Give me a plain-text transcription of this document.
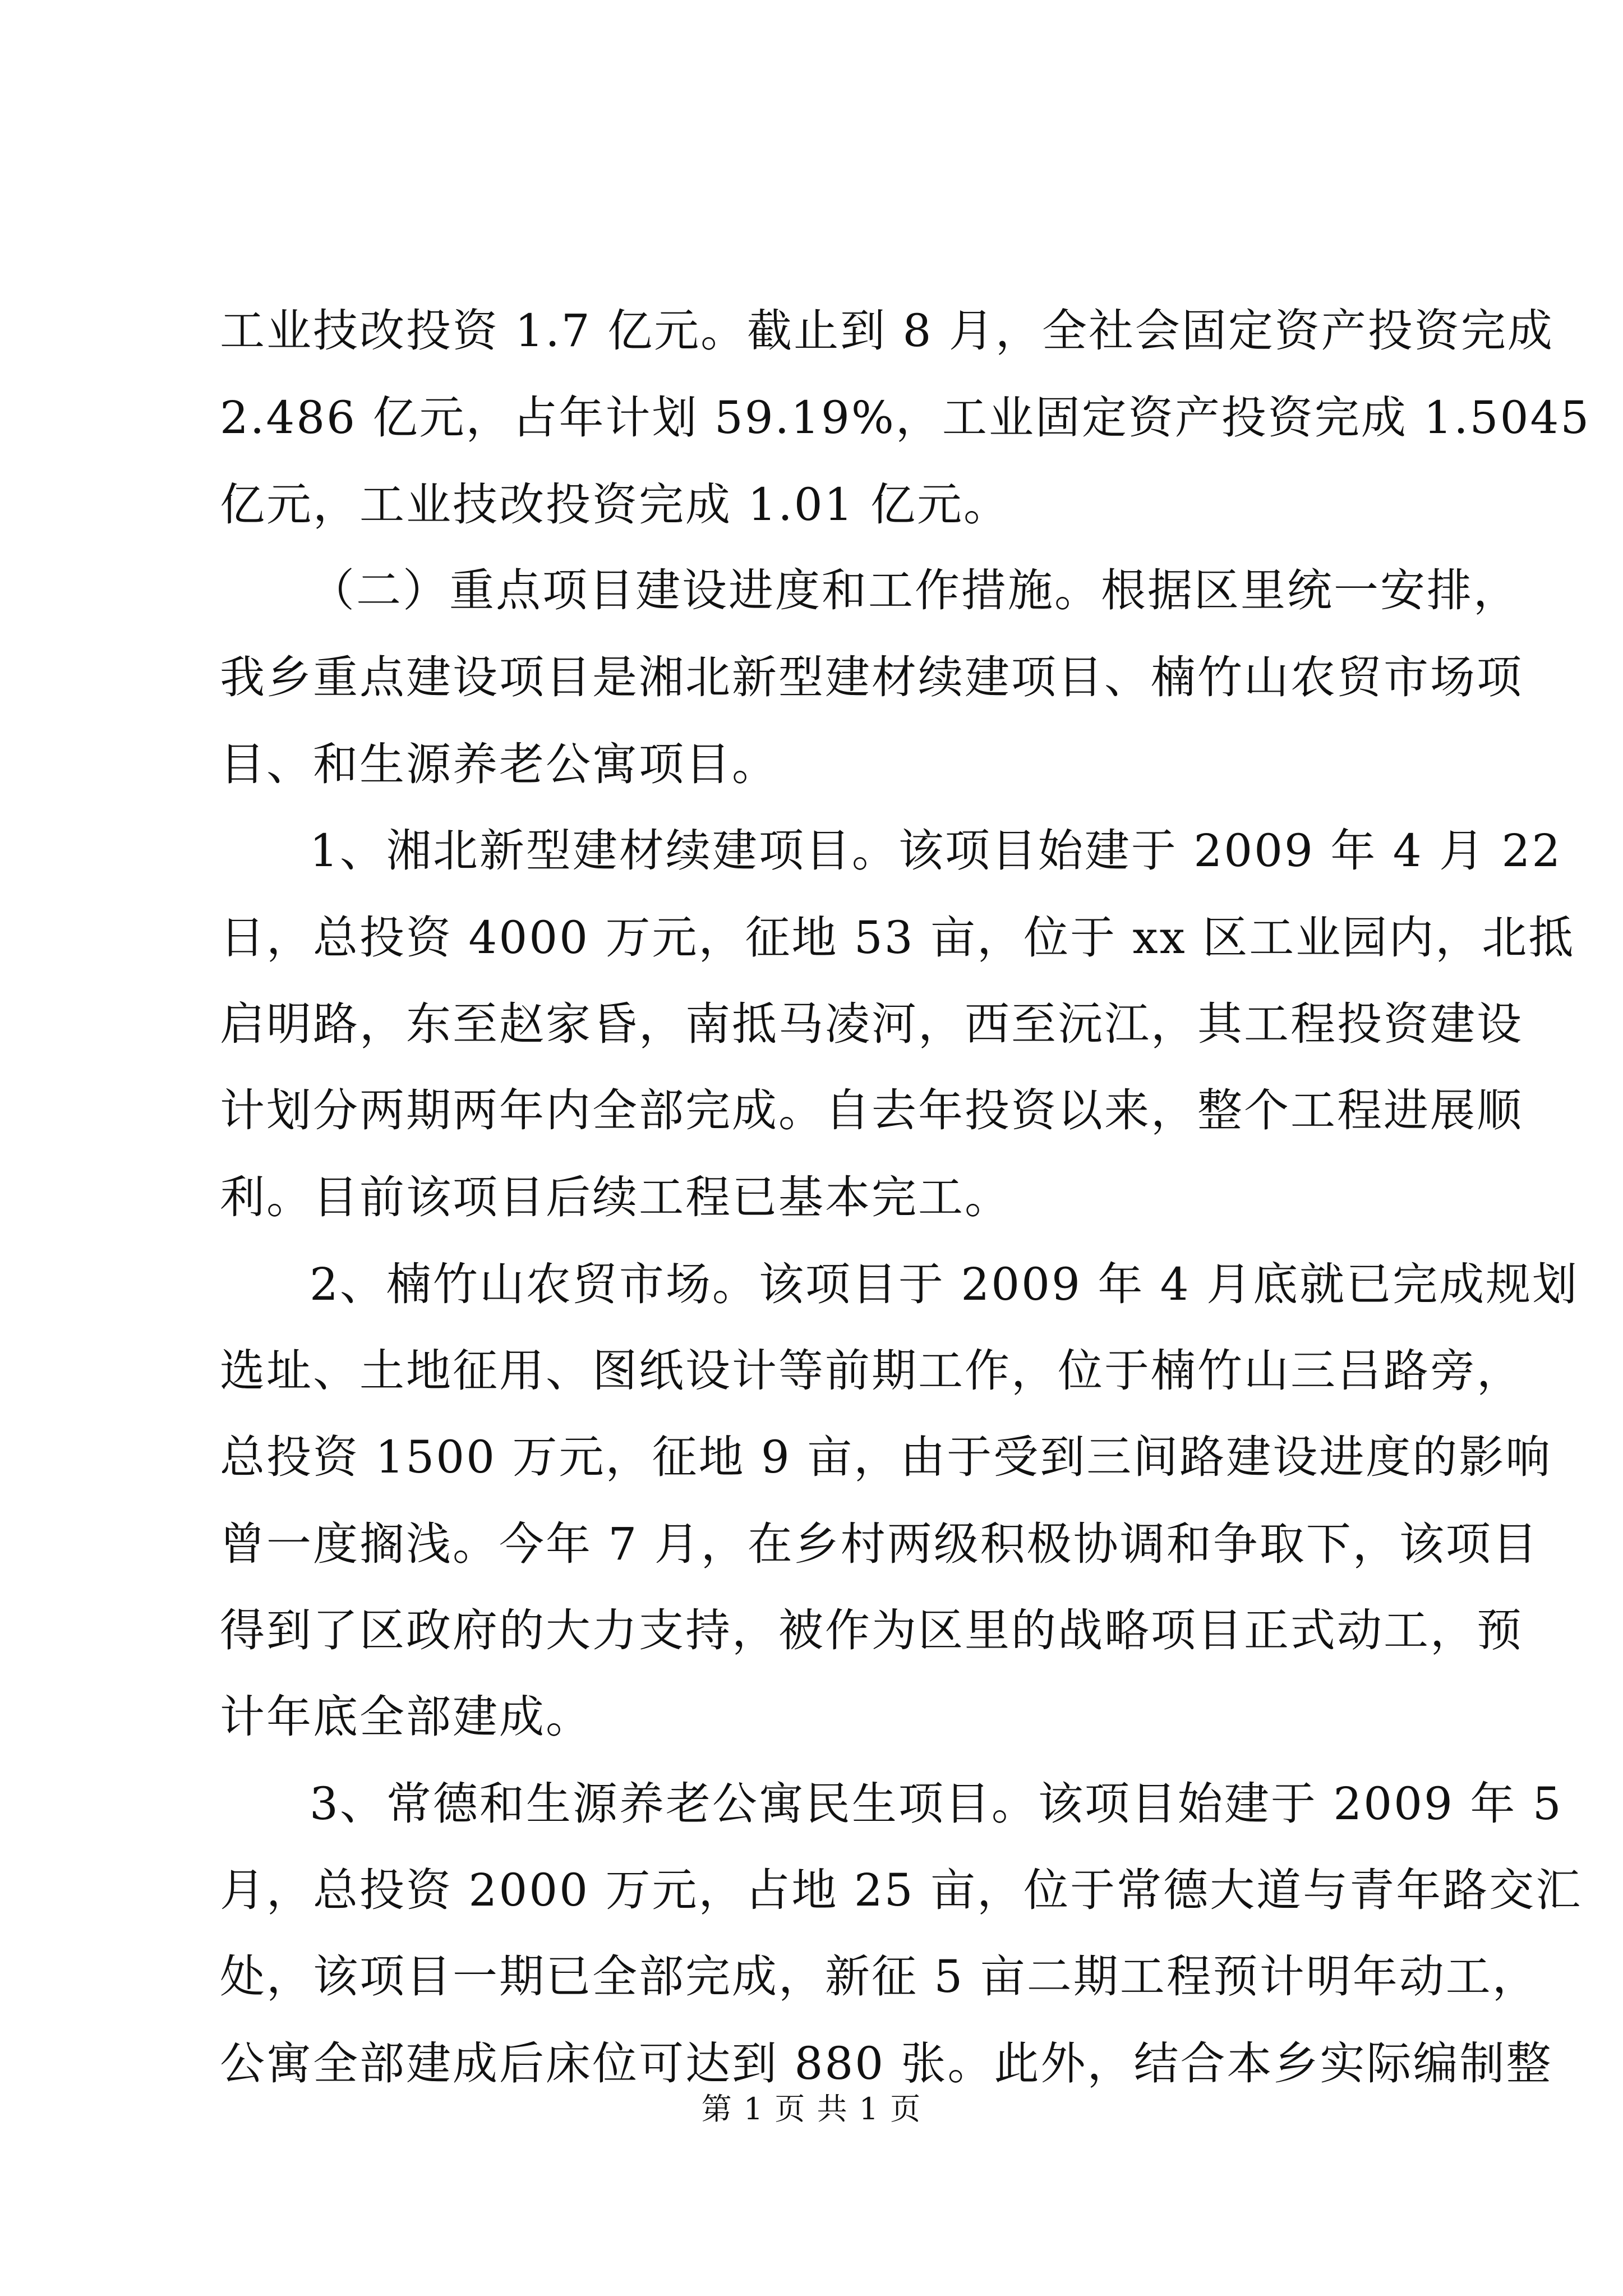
工业技改投资 1.7 亿元。截止到 8 月，全社会固定资产投资完成
2.486 亿元，占年计划 59.19%，工业固定资产投资完成 1.5045
亿元，工业技改投资完成 1.01 亿元。
（二）重点项目建设进度和工作措施。根据区里统一安排，
我乡重点建设项目是湘北新型建材续建项目、楠竹山农贸市场项
目、和生源养老公寓项目。
1、湘北新型建材续建项目。该项目始建于 2009 年 4 月 22
日，总投资 4000 万元，征地 53 亩，位于 xx 区工业园内，北抵
启明路，东至赵家昏，南抵马凌河，西至沅江，其工程投资建设
计划分两期两年内全部完成。自去年投资以来，整个工程进展顺
利。目前该项目后续工程已基本完工。
2、楠竹山农贸市场。该项目于 2009 年 4 月底就已完成规划
选址、土地征用、图纸设计等前期工作，位于楠竹山三吕路旁，
总投资 1500 万元，征地 9 亩，由于受到三间路建设进度的影响
曾一度搁浅。今年 7 月，在乡村两级积极协调和争取下，该项目
得到了区政府的大力支持，被作为区里的战略项目正式动工，预
计年底全部建成。
3、常德和生源养老公寓民生项目。该项目始建于 2009 年 5
月，总投资 2000 万元，占地 25 亩，位于常德大道与青年路交汇
处，该项目一期已全部完成，新征 5 亩二期工程预计明年动工，
公寓全部建成后床位可达到 880 张。此外，结合本乡实际编制整
第 1 页 共 1 页
